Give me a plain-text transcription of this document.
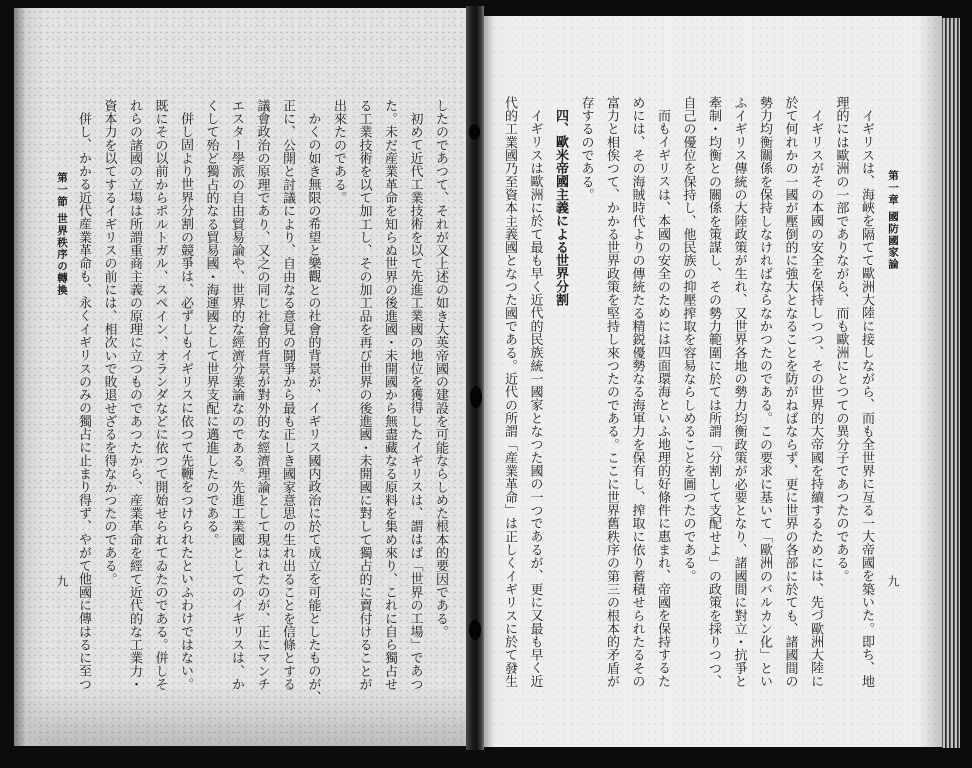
第一節 世界秩序の轉換
九	したのであつて、それが又上述の如き大英帝國の建設を可能ならしめた根本的要因である。
初めて近代工業技術を以て先進工業國の地位を獲得したイギリスは、謂はば「世界の工場」であつ
た。未だ産業革命を知らぬ世界の後進國・未開國から無盡藏なる原料を集め來り、これに自ら獨占せ
る工業技術を以て加工し、その加工品を再び世界の後進國・未開國に對して獨占的に賣付けることが
出來たのである。
かくの如き無限の希望と樂觀との社會的背景が、イギリス國内政治に於て成立を可能としたものが、
正に、公開と討議により、自由なる意見の鬪爭から最も正しき國家意思の生れ出ることを信條とする
議會政治の原理であり、又之の同じ社會的背景が對外的な經濟理論として現はれたのが、正にマンチ
エスター學派の自由貿易論や、世界的な經濟分業論なのである。先進工業國としてのイギリスは、か
くして殆ど獨占的なる貿易國・海運國として世界支配に邁進したのである。
併し固より世界分割の競爭は、必ずしもイギリスに依つて先鞭をつけられたといふわけではない。
既にその以前からポルトガル、スペイン、オランダなどに依つて開始せられてゐたのである。併しそ
れらの諸國の立場は所謂重商主義の原理に立つものであつたから、産業革命を經て近代的な工業力・
資本力を以てするイギリスの前には、相次いで敗退せざるを得なかつたのである。
併し、かかる近代産業革命も、永くイギリスのみの獨占に止まり得ず、やがて他國に傳はるに至つ	第一章 國防國家論
九
イギリスは、海峽を隔てて歐洲大陸に接しながら、而も全世界に亙る一大帝國を築いた。即ち、地
理的には歐洲の一部でありながら、而も歐洲にとつての異分子であつたのである。
イギリスがその本國の安全を保持しつつ、その世界的大帝國を持續するためには、先づ歐洲大陸に
於て何れかの一國が壓倒的に強大となることを防がねばならず、更に世界の各部に於ても、諸國間の
勢力均衡關係を保持しなければならなかつたのである。この要求に基いて「歐洲のバルカン化」とい
ふイギリス傳統の大陸政策が生れ、又世界各地の勢力均衡政策が必要となり、諸國間に對立・抗爭と
牽制・均衡との關係を策謀し、その勢力範圍に於ては所謂「分割して支配せよ」の政策を採りつつ、
自己の優位を保持し、他民族の抑壓搾取を容易ならしめることを圖つたのである。
而もイギリスは、本國の安全のためには四面環海といふ地理的好條件に惠まれ、帝國を保持するた
めには、その海賊時代よりの傳統たる精鋭優勢なる海軍力を保有し、搾取に依り蓄積せられたるその
富力と相俟つて、かかる世界政策を堅持し來つたのである。ここに世界舊秩序の第三の根本的矛盾が
存するのである。
四、歐米帝國主義による世界分割
イギリスは歐洲に於て最も早く近代的民族統一國家となつた國の一つであるが、更に又最も早く近
代的工業國乃至資本主義國となつた國である。近代の所謂「産業革命」は正しくイギリスに於て發生
